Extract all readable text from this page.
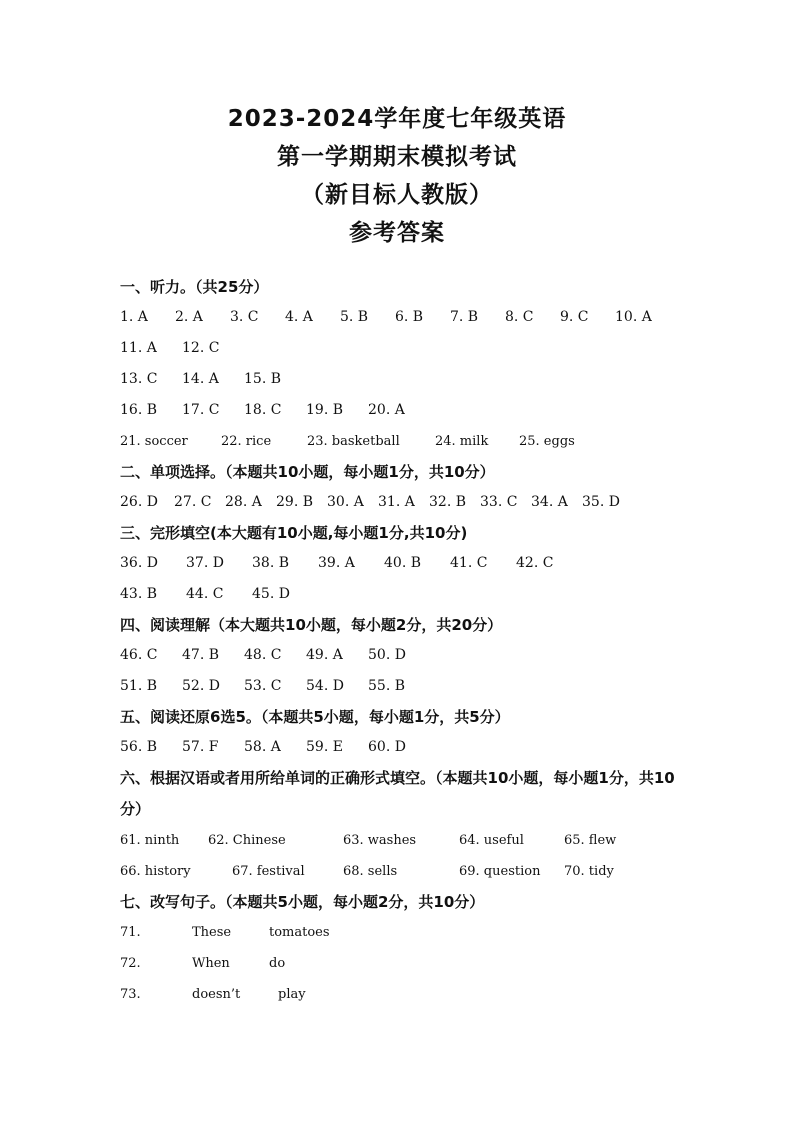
2023-2024学年度七年级英语
第一学期期末模拟考试
（新目标人教版）
参考答案
一、听力。（共25分）
1. A 2. A 3. C 4. A 5. B 6. B 7. B 8. C 9. C 10. A
11. A 12. C
13. C 14. A 15. B
16. B 17. C 18. C 19. B 20. A
21. soccer	22. rice	23. basketball	24. milk 25. eggs
二、单项选择。（本题共10小题，每小题1分，共10分）
26. D 27. C 28. A 29. B 30. A 31. A 32. B 33. C 34. A 35. D
三、完形填空(本大题有10小题,每小题1分,共10分)
36. D 37. D 38. B 39. A 40. B 41. C 42. C
43. B 44. C 45. D
四、阅读理解（本大题共10小题，每小题2分，共20分）
46. C 47. B 48. C 49. A 50. D
51. B 52. D 53. C 54. D 55. B
五、阅读还原6选5。（本题共5小题，每小题1分，共5分）
56. B 57. F 58. A 59. E 60. D
六、根据汉语或者用所给单词的正确形式填空。（本题共10小题，每小题1分，共10分）
61. ninth 62. Chinese	63. washes	64. useful	65. flew
66. history	67. festival	68. sells	69. question 70. tidy
七、改写句子。（本题共5小题，每小题2分，共10分）
71.	These	tomatoes
72.	When	do
73.	doesn’t	play
